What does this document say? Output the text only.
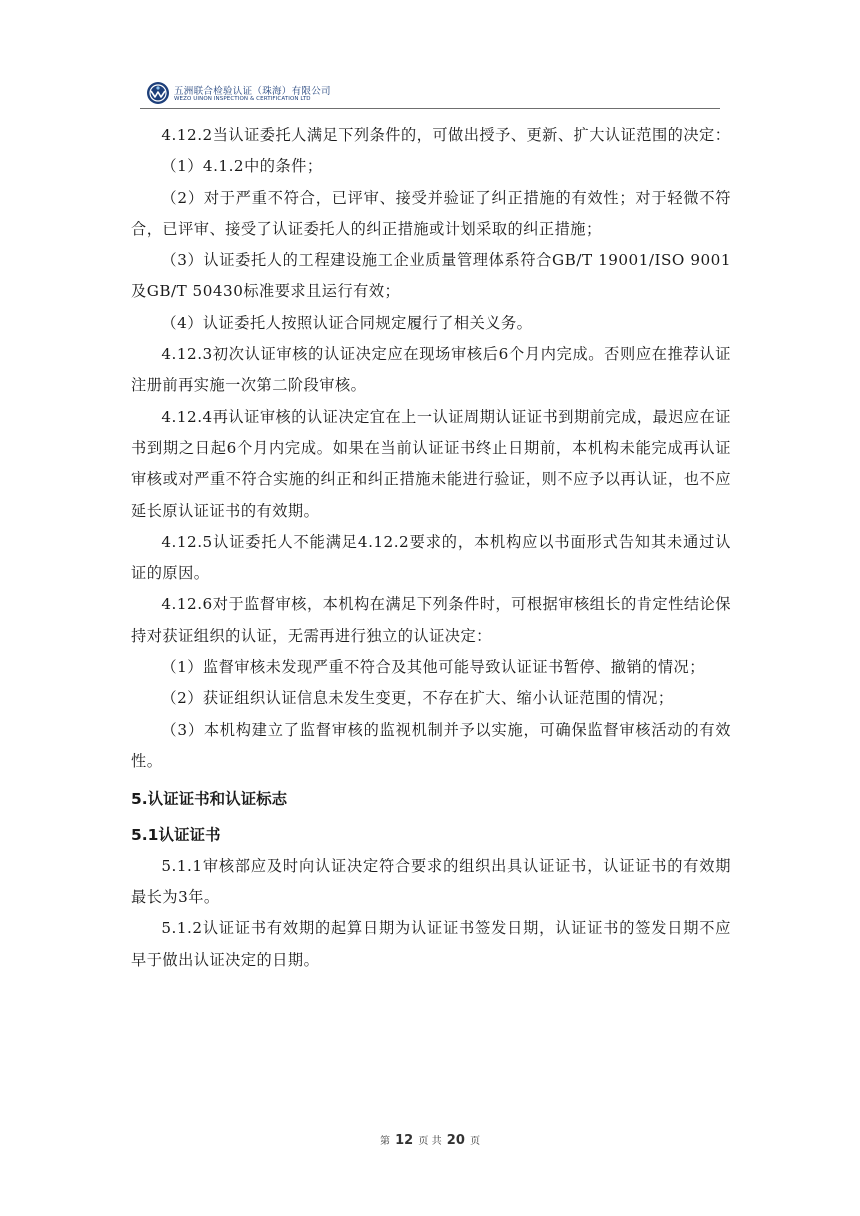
五洲联合检验认证（珠海）有限公司
WEZO UINON INSPECTION & CERTIFICATION LTD

4.12.2当认证委托人满足下列条件的，可做出授予、更新、扩大认证范围的决定：

（1）4.1.2中的条件；

（2）对于严重不符合，已评审、接受并验证了纠正措施的有效性；对于轻微不符合，已评审、接受了认证委托人的纠正措施或计划采取的纠正措施；

（3）认证委托人的工程建设施工企业质量管理体系符合GB/T 19001/ISO 9001及GB/T 50430标准要求且运行有效；

（4）认证委托人按照认证合同规定履行了相关义务。

4.12.3初次认证审核的认证决定应在现场审核后6个月内完成。否则应在推荐认证注册前再实施一次第二阶段审核。

4.12.4再认证审核的认证决定宜在上一认证周期认证证书到期前完成，最迟应在证书到期之日起6个月内完成。如果在当前认证证书终止日期前，本机构未能完成再认证审核或对严重不符合实施的纠正和纠正措施未能进行验证，则不应予以再认证，也不应延长原认证证书的有效期。

4.12.5认证委托人不能满足4.12.2要求的，本机构应以书面形式告知其未通过认证的原因。

4.12.6对于监督审核，本机构在满足下列条件时，可根据审核组长的肯定性结论保持对获证组织的认证，无需再进行独立的认证决定：

（1）监督审核未发现严重不符合及其他可能导致认证证书暂停、撤销的情况；

（2）获证组织认证信息未发生变更，不存在扩大、缩小认证范围的情况；

（3）本机构建立了监督审核的监视机制并予以实施，可确保监督审核活动的有效性。

5.认证证书和认证标志
5.1认证证书

5.1.1审核部应及时向认证决定符合要求的组织出具认证证书，认证证书的有效期最长为3年。

5.1.2认证证书有效期的起算日期为认证证书签发日期，认证证书的签发日期不应早于做出认证决定的日期。

第 12 页 共 20 页
